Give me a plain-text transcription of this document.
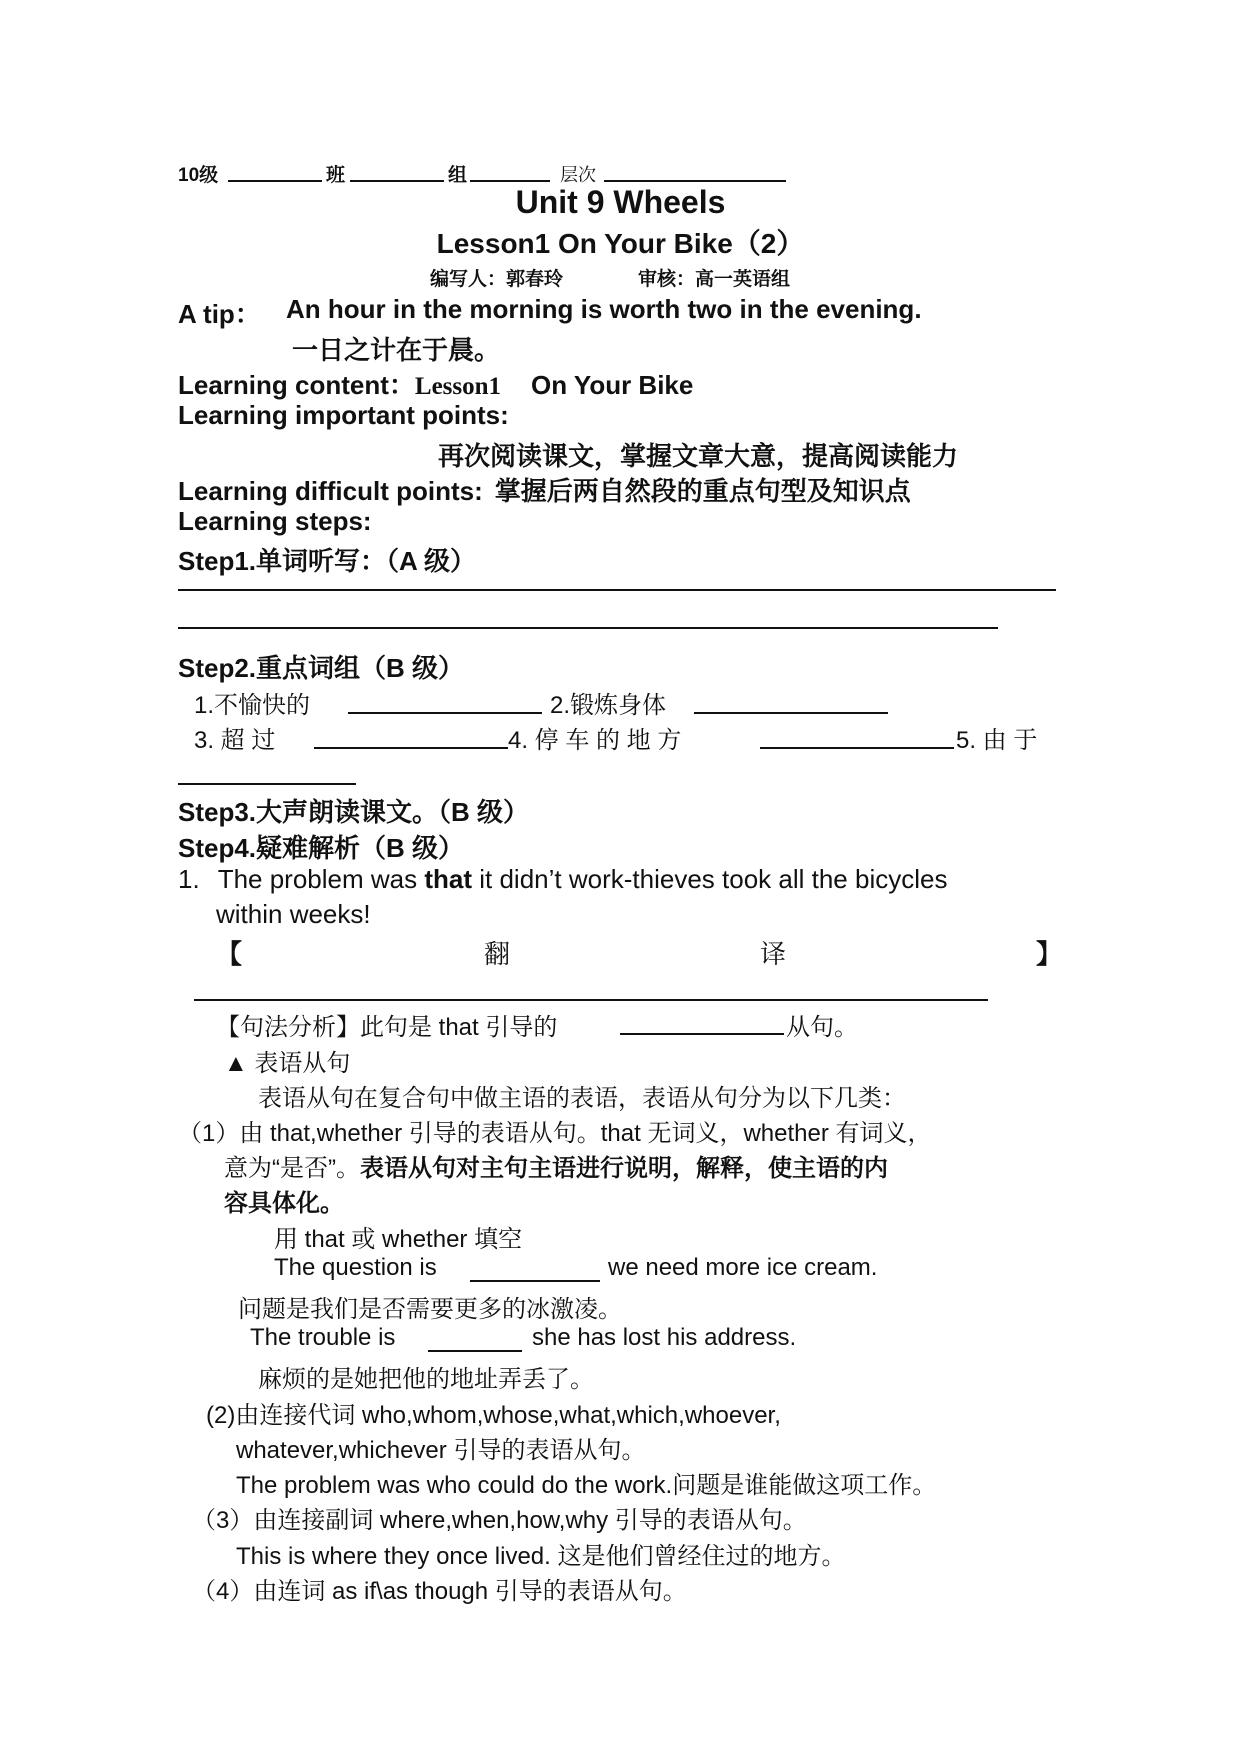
10级	班	组	层次
Unit 9 Wheels
Lesson1 On Your Bike（2）
编写人：郭春玲	审核：高一英语组
A tip： An hour in the morning is worth two in the evening.
一日之计在于晨。
Learning content：Lesson1 On Your Bike
Learning important points:
再次阅读课文，掌握文章大意，提高阅读能力
Learning difficult points: 掌握后两自然段的重点句型及知识点
Learning steps:
Step1.单词听写：（A 级）
Step2.重点词组（B 级）
1.不愉快的	2.锻炼身体
3. 超 过	4. 停 车 的 地 方	5. 由 于
Step3.大声朗读课文。（B 级）
Step4.疑难解析（B 级）
1. The problem was that it didn’t work-thieves took all the bicycles
within weeks!
【	翻	译	】
【句法分析】此句是 that 引导的	从句。
▲ 表语从句
表语从句在复合句中做主语的表语，表语从句分为以下几类：
（1）由 that,whether 引导的表语从句。that 无词义，whether 有词义，
意为“是否”。表语从句对主句主语进行说明，解释，使主语的内
容具体化。
用 that 或 whether 填空
The question is	we need more ice cream.
问题是我们是否需要更多的冰激凌。
The trouble is	she has lost his address.
麻烦的是她把他的地址弄丢了。
(2)由连接代词 who,whom,whose,what,which,whoever,
whatever,whichever 引导的表语从句。
The problem was who could do the work.问题是谁能做这项工作。
（3）由连接副词 where,when,how,why 引导的表语从句。
This is where they once lived. 这是他们曾经住过的地方。
（4）由连词 as if\as though 引导的表语从句。
